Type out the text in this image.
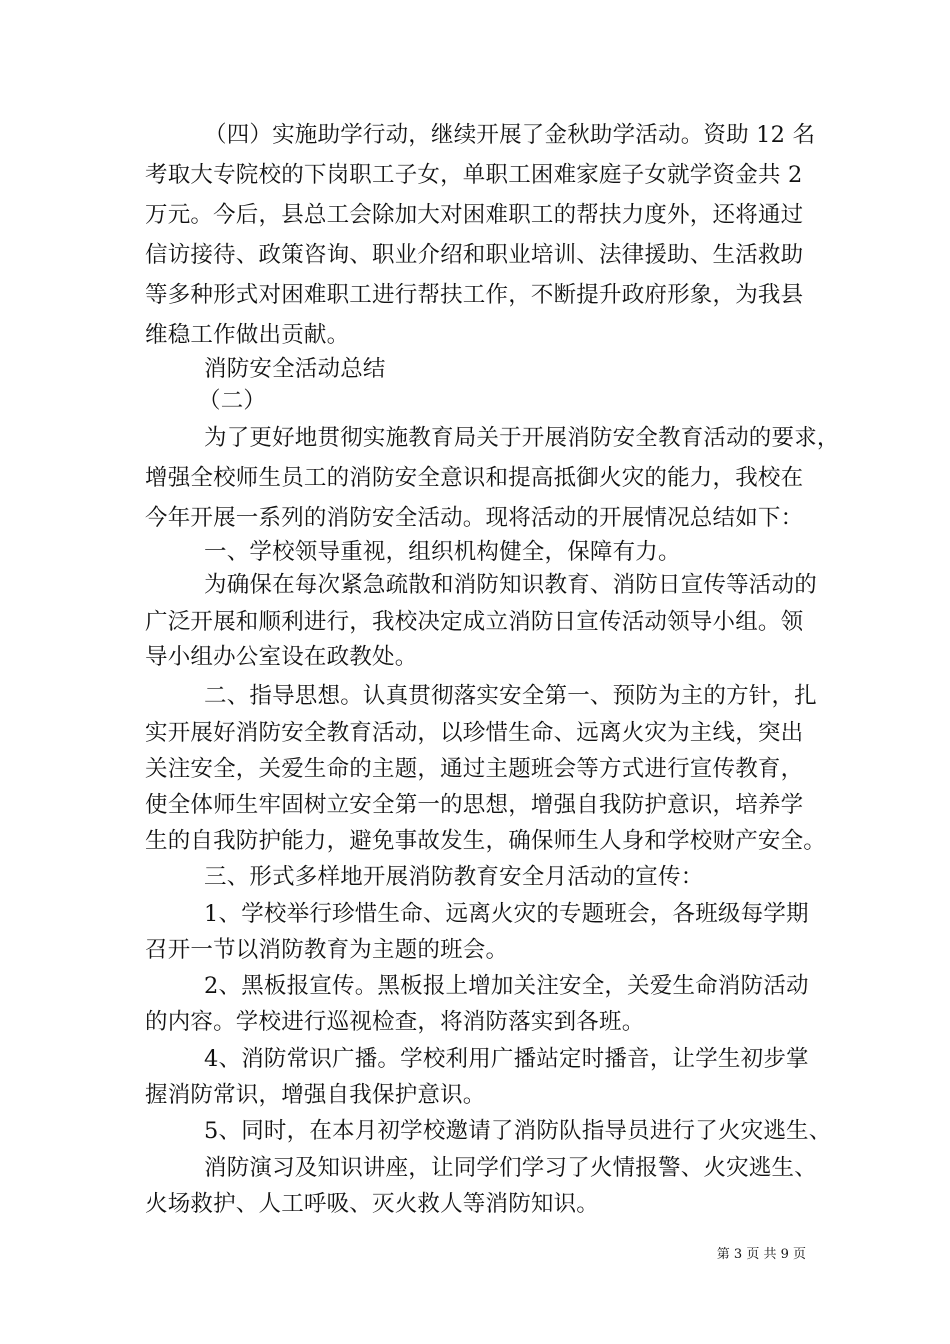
（四）实施助学行动，继续开展了金秋助学活动。资助 12 名
考取大专院校的下岗职工子女，单职工困难家庭子女就学资金共 2
万元。今后，县总工会除加大对困难职工的帮扶力度外，还将通过
信访接待、政策咨询、职业介绍和职业培训、法律援助、生活救助
等多种形式对困难职工进行帮扶工作，不断提升政府形象，为我县
维稳工作做出贡献。
消防安全活动总结
（二）
为了更好地贯彻实施教育局关于开展消防安全教育活动的要求，
增强全校师生员工的消防安全意识和提高抵御火灾的能力，我校在
今年开展一系列的消防安全活动。现将活动的开展情况总结如下：
一、学校领导重视，组织机构健全，保障有力。
为确保在每次紧急疏散和消防知识教育、消防日宣传等活动的
广泛开展和顺利进行，我校决定成立消防日宣传活动领导小组。领
导小组办公室设在政教处。
二、指导思想。认真贯彻落实安全第一、预防为主的方针，扎
实开展好消防安全教育活动，以珍惜生命、远离火灾为主线，突出
关注安全，关爱生命的主题，通过主题班会等方式进行宣传教育，
使全体师生牢固树立安全第一的思想，增强自我防护意识，培养学
生的自我防护能力，避免事故发生，确保师生人身和学校财产安全。
三、形式多样地开展消防教育安全月活动的宣传：
1、学校举行珍惜生命、远离火灾的专题班会，各班级每学期
召开一节以消防教育为主题的班会。
2、黑板报宣传。黑板报上增加关注安全，关爱生命消防活动
的内容。学校进行巡视检查，将消防落实到各班。
4、消防常识广播。学校利用广播站定时播音，让学生初步掌
握消防常识，增强自我保护意识。
5、同时，在本月初学校邀请了消防队指导员进行了火灾逃生、
消防演习及知识讲座，让同学们学习了火情报警、火灾逃生、
火场救护、人工呼吸、灭火救人等消防知识。
第 3 页 共 9 页
